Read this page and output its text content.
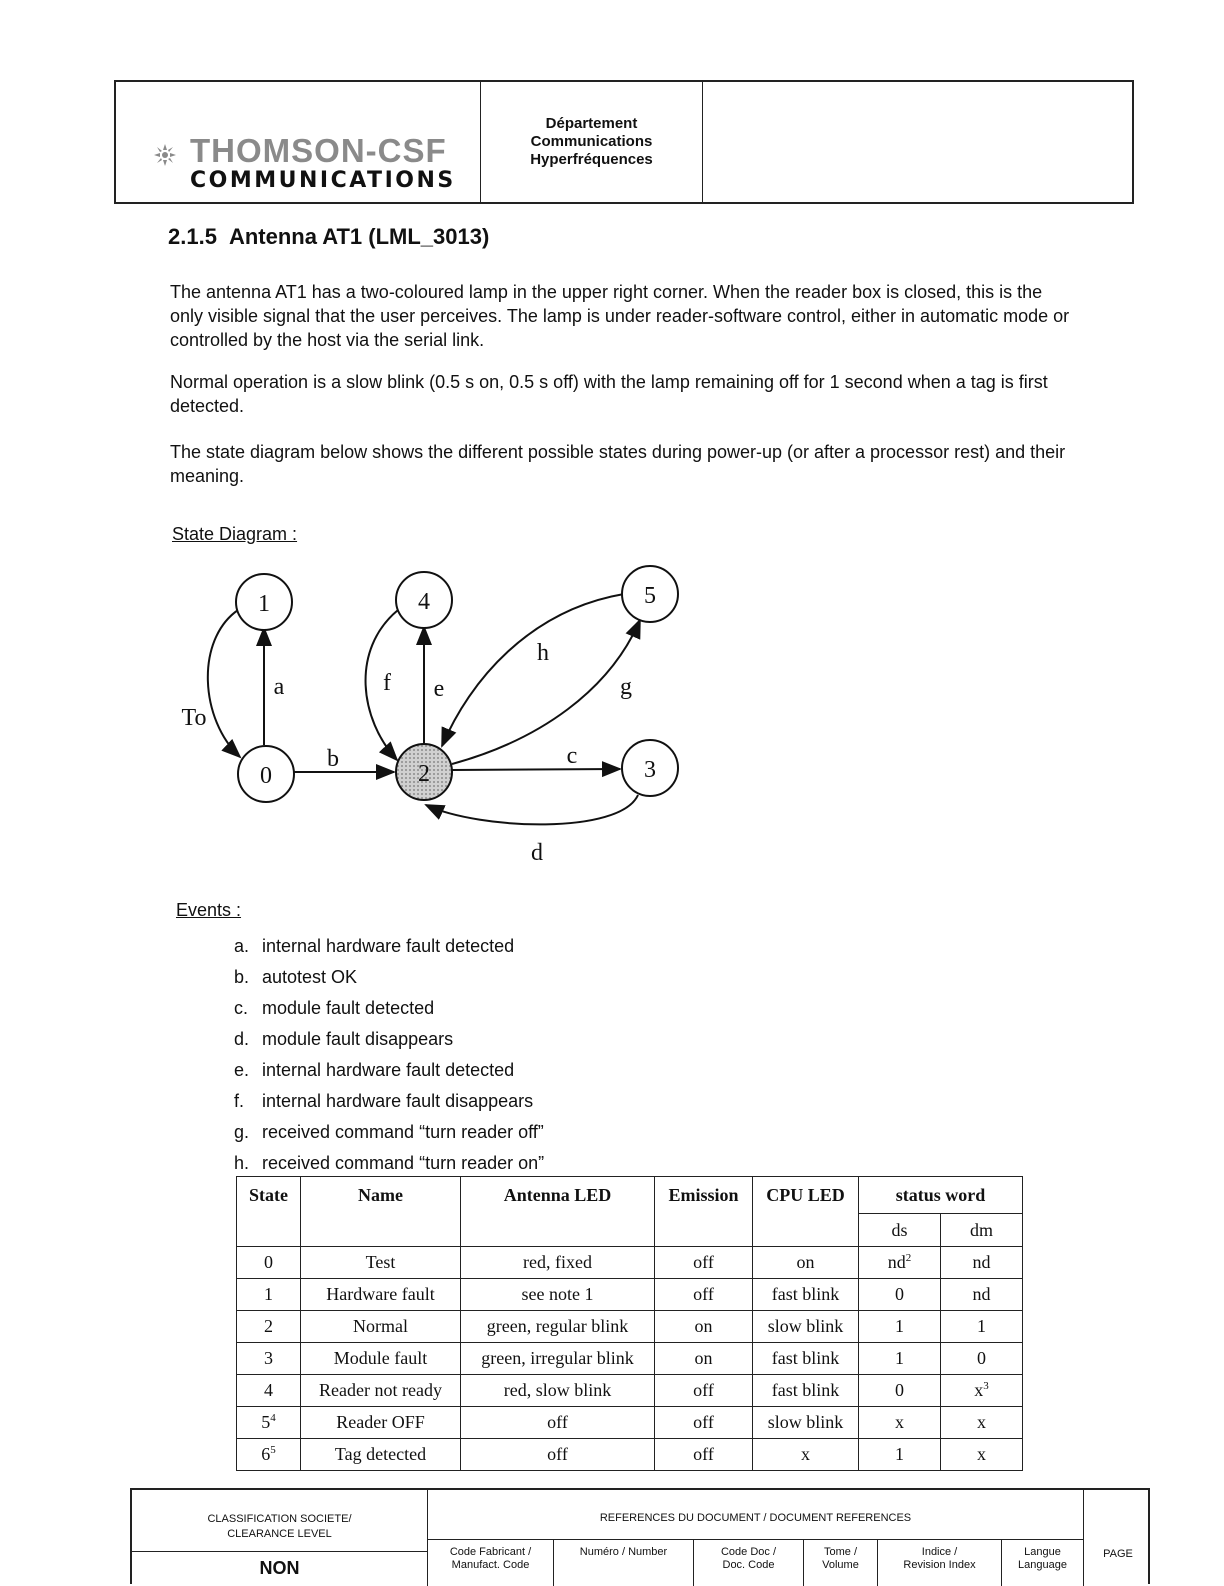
THOMSON-CSF
COMMUNICATIONS
Département
Communications
Hyperfréquences
2.1.5 Antenna AT1 (LML_3013)

The antenna AT1 has a two-coloured lamp in the upper right corner. When the reader box is closed, this is the only visible signal that the user perceives. The lamp is under reader-software control, either in automatic mode or controlled by the host via the serial link.

Normal operation is a slow blink (0.5 s on, 0.5 s off) with the lamp remaining off for 1 second when a tag is first detected.

The state diagram below shows the different possible states during power-up (or after a processor rest) and their meaning.

State Diagram :
1	4	5
0	2	3
a
To
b	c
d
f e
h
g
Events :
a. internal hardware fault detected
b. autotest OK
c. module fault detected
d. module fault disappears
e. internal hardware fault detected
f. internal hardware fault disappears
g. received command “turn reader off”
h. received command “turn reader on”
State	Name	Antenna LED	Emission	CPU LED	status word	
					ds	dm
0	Test	red, fixed	off	on	$nd^2$	nd
1	Hardware fault	see note 1	off	fast blink	0	nd
2	Normal	green, regular blink	on	slow blink	1	1
3	Module fault	green, irregular blink	on	fast blink	1	0
4	Reader not ready	red, slow blink	off	fast blink	0	$x^3$
$5^4$	Reader OFF	off	off	slow blink	x	x
$6^5$	Tag detected	off	off	x	1	x
CLASSIFICATION SOCIETE/
CLEARANCE LEVEL
NON
REFERENCES DU DOCUMENT / DOCUMENT REFERENCES
Code Fabricant /
Manufact. Code
Numéro / Number	Code Doc /
Doc. Code
Tome /
Volume
Indice /
Revision Index
Langue
Language
PAGE
